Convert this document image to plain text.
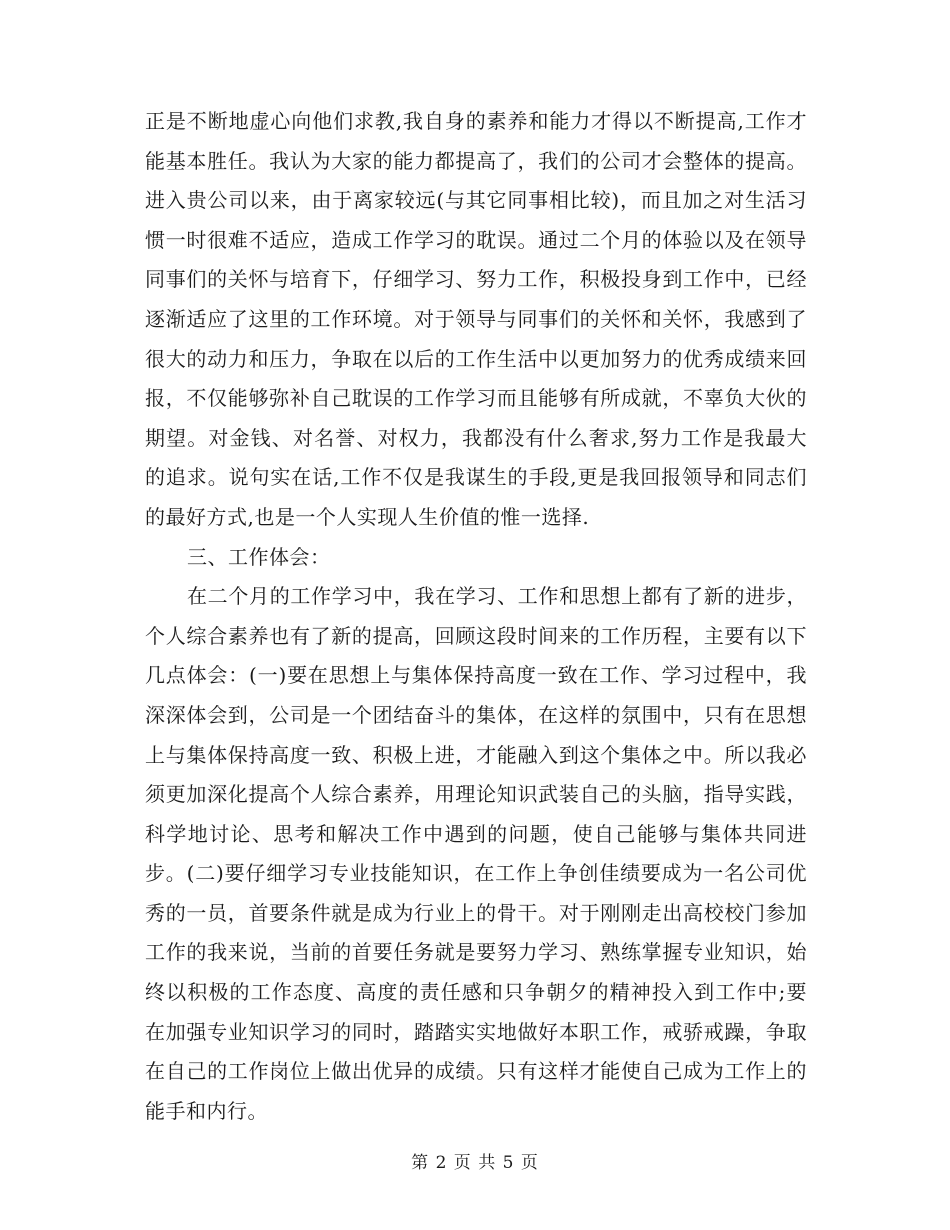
正是不断地虚心向他们求教,我自身的素养和能力才得以不断提高,工作才能基本胜任。我认为大家的能力都提高了，我们的公司才会整体的提高。进入贵公司以来，由于离家较远(与其它同事相比较)，而且加之对生活习惯一时很难不适应，造成工作学习的耽误。通过二个月的体验以及在领导同事们的关怀与培育下，仔细学习、努力工作，积极投身到工作中，已经逐渐适应了这里的工作环境。对于领导与同事们的关怀和关怀，我感到了很大的动力和压力，争取在以后的工作生活中以更加努力的优秀成绩来回报，不仅能够弥补自己耽误的工作学习而且能够有所成就，不辜负大伙的期望。对金钱、对名誉、对权力，我都没有什么奢求,努力工作是我最大的追求。说句实在话,工作不仅是我谋生的手段,更是我回报领导和同志们的最好方式,也是一个人实现人生价值的惟一选择.

三、工作体会：

在二个月的工作学习中，我在学习、工作和思想上都有了新的进步，个人综合素养也有了新的提高，回顾这段时间来的工作历程，主要有以下几点体会：(一)要在思想上与集体保持高度一致在工作、学习过程中，我深深体会到，公司是一个团结奋斗的集体，在这样的氛围中，只有在思想上与集体保持高度一致、积极上进，才能融入到这个集体之中。所以我必须更加深化提高个人综合素养，用理论知识武装自己的头脑，指导实践，科学地讨论、思考和解决工作中遇到的问题，使自己能够与集体共同进步。(二)要仔细学习专业技能知识，在工作上争创佳绩要成为一名公司优秀的一员，首要条件就是成为行业上的骨干。对于刚刚走出高校校门参加工作的我来说，当前的首要任务就是要努力学习、熟练掌握专业知识，始终以积极的工作态度、高度的责任感和只争朝夕的精神投入到工作中;要在加强专业知识学习的同时，踏踏实实地做好本职工作，戒骄戒躁，争取在自己的工作岗位上做出优异的成绩。只有这样才能使自己成为工作上的能手和内行。

第 2 页 共 5 页
